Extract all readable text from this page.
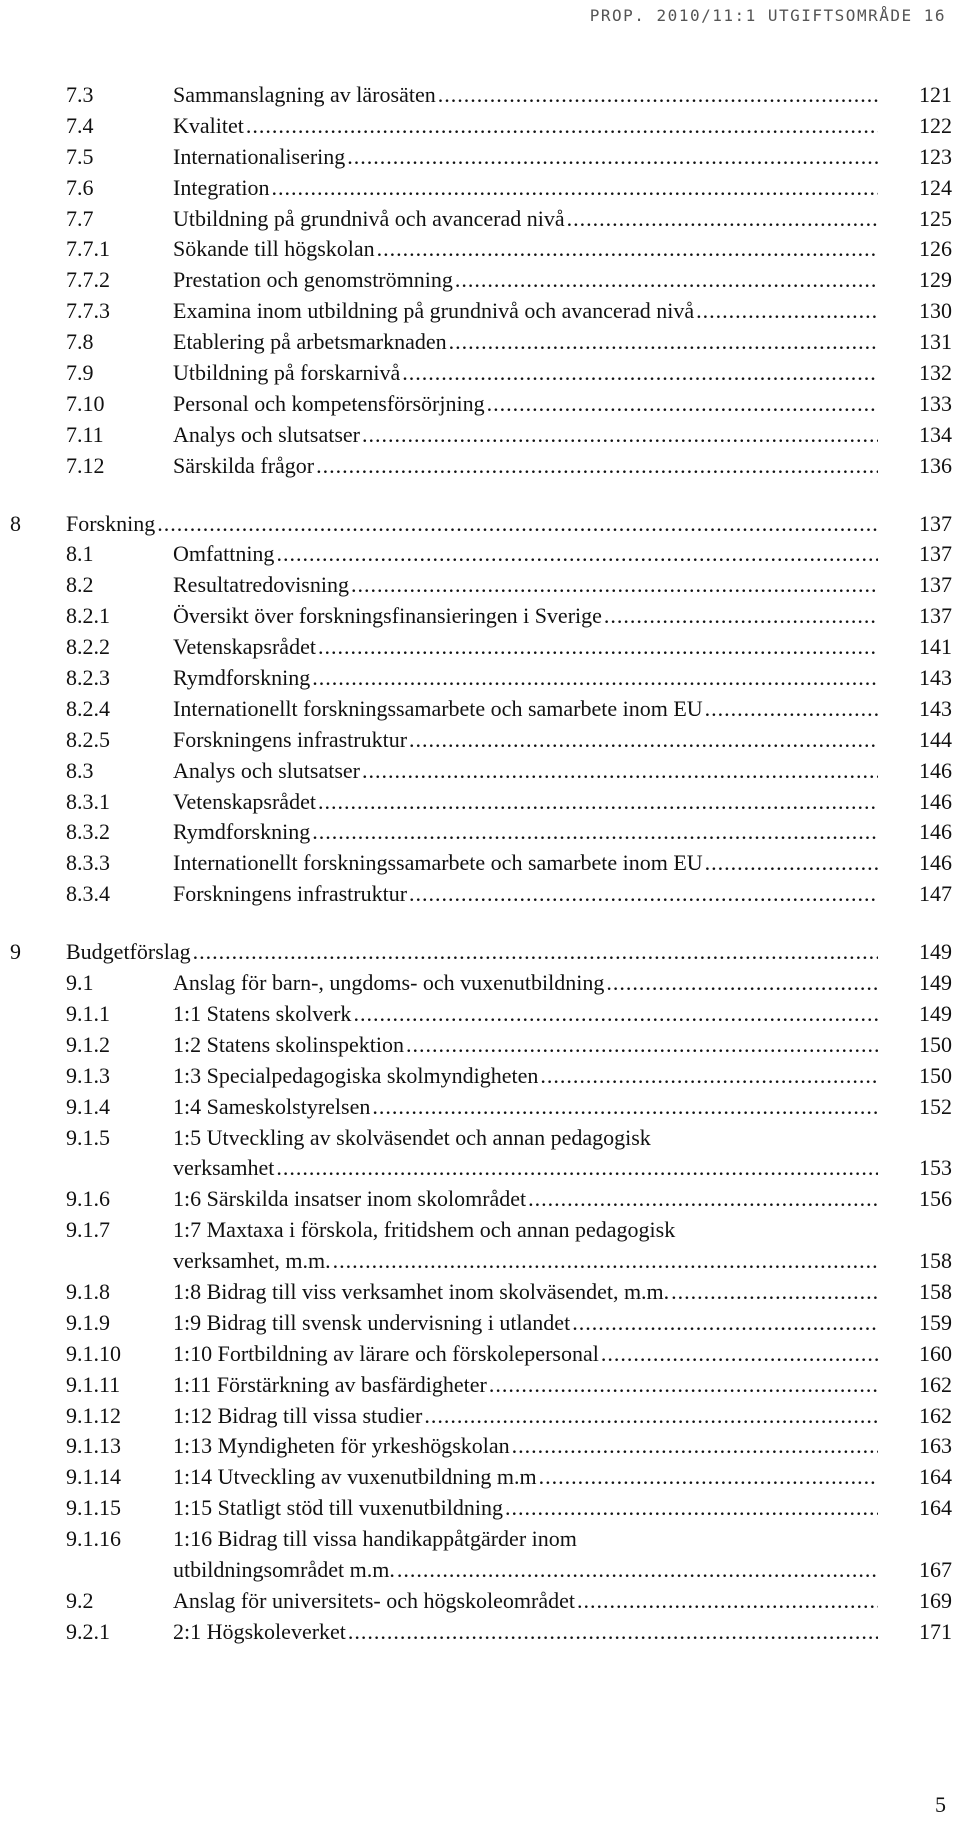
PROP. 2010/11:1 UTGIFTSOMRÅDE 16
7.3	Sammanslagning av lärosäten .....	121
7.4	Kvalitet .....	122
7.5	Internationalisering .....	123
7.6	Integration .....	124
7.7	Utbildning på grundnivå och avancerad nivå .....	125
7.7.1	Sökande till högskolan .....	126
7.7.2	Prestation och genomströmning .....	129
7.7.3	Examina inom utbildning på grundnivå och avancerad nivå .....	130
7.8	Etablering på arbetsmarknaden .....	131
7.9	Utbildning på forskarnivå .....	132
7.10	Personal och kompetensförsörjning .....	133
7.11	Analys och slutsatser .....	134
7.12	Särskilda frågor .....	136
8 Forskning .....	137
8.1	Omfattning .....	137
8.2	Resultatredovisning .....	137
8.2.1	Översikt över forskningsfinansieringen i Sverige .....	137
8.2.2	Vetenskapsrådet .....	141
8.2.3	Rymdforskning .....	143
8.2.4	Internationellt forskningssamarbete och samarbete inom EU .....	143
8.2.5	Forskningens infrastruktur .....	144
8.3	Analys och slutsatser .....	146
8.3.1	Vetenskapsrådet .....	146
8.3.2	Rymdforskning .....	146
8.3.3	Internationellt forskningssamarbete och samarbete inom EU .....	146
8.3.4	Forskningens infrastruktur .....	147
9 Budgetförslag .....	149
9.1	Anslag för barn-, ungdoms- och vuxenutbildning .....	149
9.1.1	1:1 Statens skolverk .....	149
9.1.2	1:2 Statens skolinspektion .....	150
9.1.3	1:3 Specialpedagogiska skolmyndigheten .....	150
9.1.4	1:4 Sameskolstyrelsen .....	152
9.1.5	1:5 Utveckling av skolväsendet och annan pedagogisk
verksamhet .....	153
9.1.6	1:6 Särskilda insatser inom skolområdet .....	156
9.1.7	1:7 Maxtaxa i förskola, fritidshem och annan pedagogisk
verksamhet, m.m. .....	158
9.1.8	1:8 Bidrag till viss verksamhet inom skolväsendet, m.m. .....	158
9.1.9	1:9 Bidrag till svensk undervisning i utlandet .....	159
9.1.10 1:10 Fortbildning av lärare och förskolepersonal .....	160
9.1.11 1:11 Förstärkning av basfärdigheter .....	162
9.1.12 1:12 Bidrag till vissa studier .....	162
9.1.13 1:13 Myndigheten för yrkeshögskolan .....	163
9.1.14 1:14 Utveckling av vuxenutbildning m.m .....	164
9.1.15 1:15 Statligt stöd till vuxenutbildning .....	164
9.1.16 1:16 Bidrag till vissa handikappåtgärder inom
utbildningsområdet m.m. .....	167
9.2	Anslag för universitets- och högskoleområdet .....	169
9.2.1	2:1 Högskoleverket .....	171
5
